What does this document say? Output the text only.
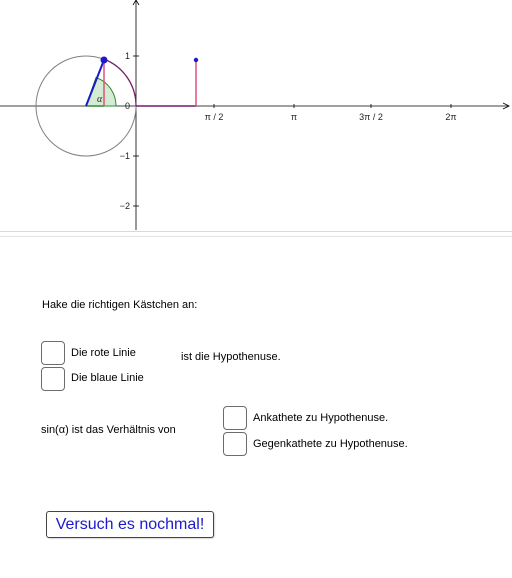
π / 2	π	3π / 2	2π
1
0
−1
−2
α
Hake die richtigen Kästchen an:
Die rote Linie
Die blaue Linie
ist die Hypothenuse.
sin(α) ist das Verhältnis von
Ankathete zu Hypothenuse.
Gegenkathete zu Hypothenuse.
Versuch es nochmal!
